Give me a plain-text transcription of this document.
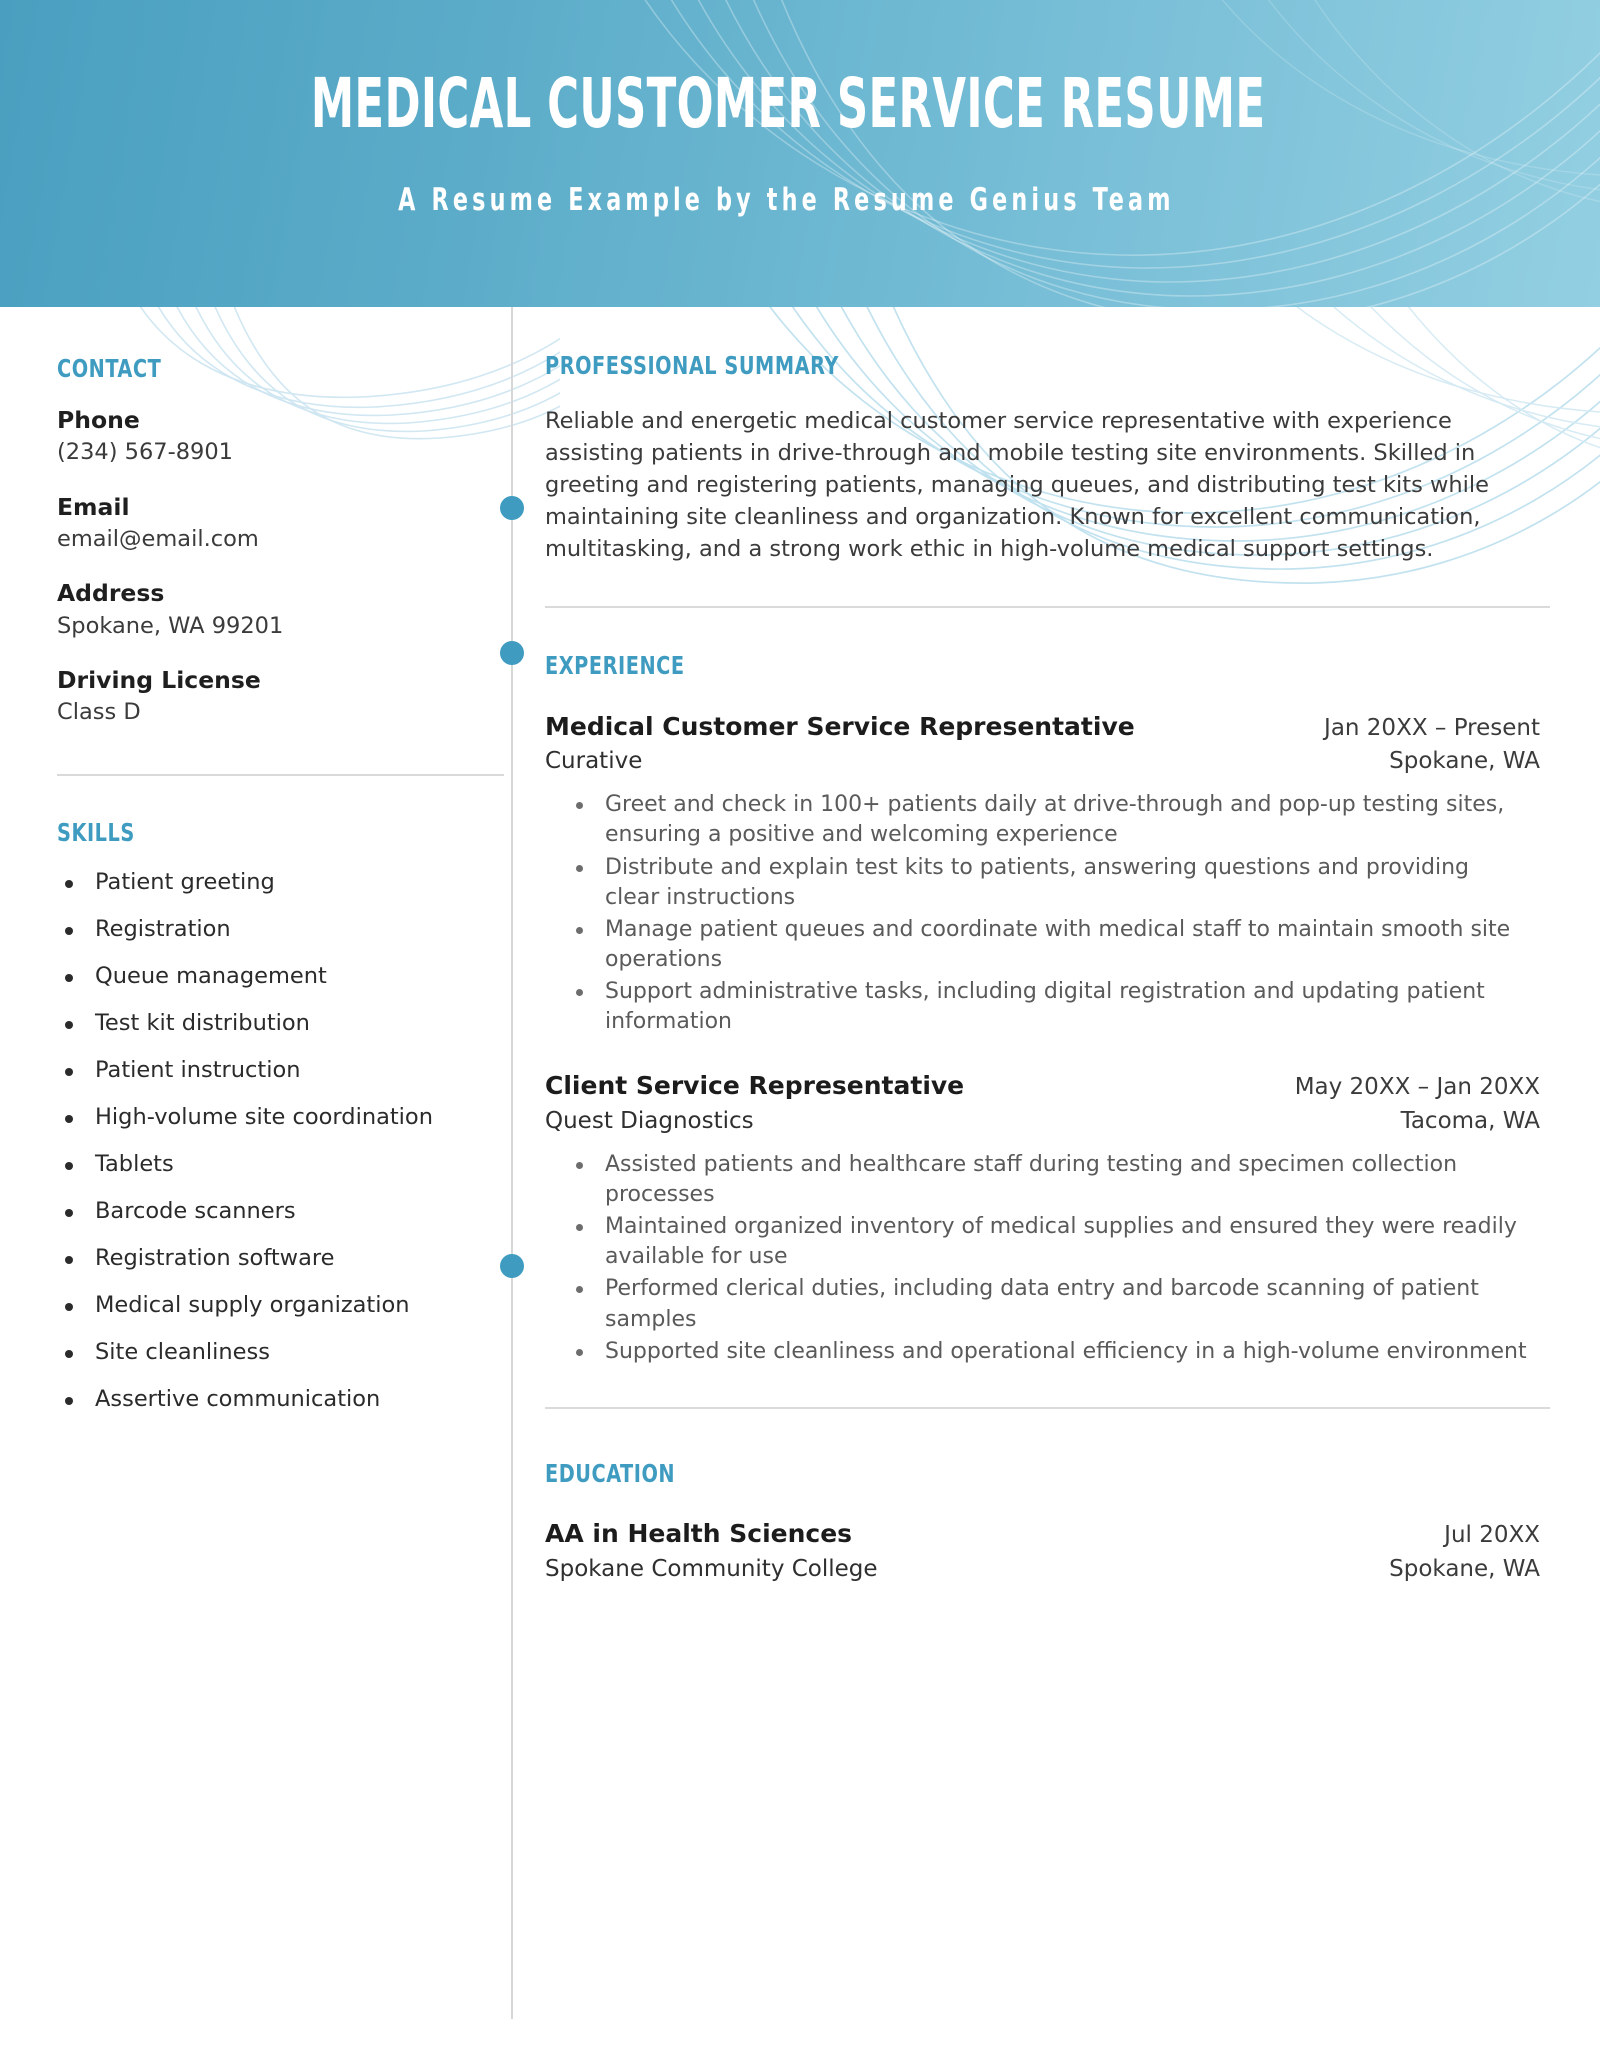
MEDICAL CUSTOMER SERVICE RESUME
A Resume Example by the Resume Genius Team
CONTACT
Phone
(234) 567-8901
Email
email@email.com
Address
Spokane, WA 99201
Driving License
Class D
SKILLS
Patient greeting
Registration
Queue management
Test kit distribution
Patient instruction
High-volume site coordination
Tablets
Barcode scanners
Registration software
Medical supply organization
Site cleanliness
Assertive communication
PROFESSIONAL SUMMARY
Reliable and energetic medical customer service representative with experience assisting patients in drive-through and mobile testing site environments. Skilled in greeting and registering patients, managing queues, and distributing test kits while maintaining site cleanliness and organization. Known for excellent communication, multitasking, and a strong work ethic in high-volume medical support settings.
EXPERIENCE
Medical Customer Service Representative	Jan 20XX – Present
Curative	Spokane, WA
Greet and check in 100+ patients daily at drive-through and pop-up testing sites, ensuring a positive and welcoming experience
Distribute and explain test kits to patients, answering questions and providing clear instructions
Manage patient queues and coordinate with medical staff to maintain smooth site operations
Support administrative tasks, including digital registration and updating patient information
Client Service Representative	May 20XX – Jan 20XX
Quest Diagnostics	Tacoma, WA
Assisted patients and healthcare staff during testing and specimen collection processes
Maintained organized inventory of medical supplies and ensured they were readily available for use
Performed clerical duties, including data entry and barcode scanning of patient samples
Supported site cleanliness and operational efficiency in a high-volume environment
EDUCATION
AA in Health Sciences	Jul 20XX
Spokane Community College	Spokane, WA
